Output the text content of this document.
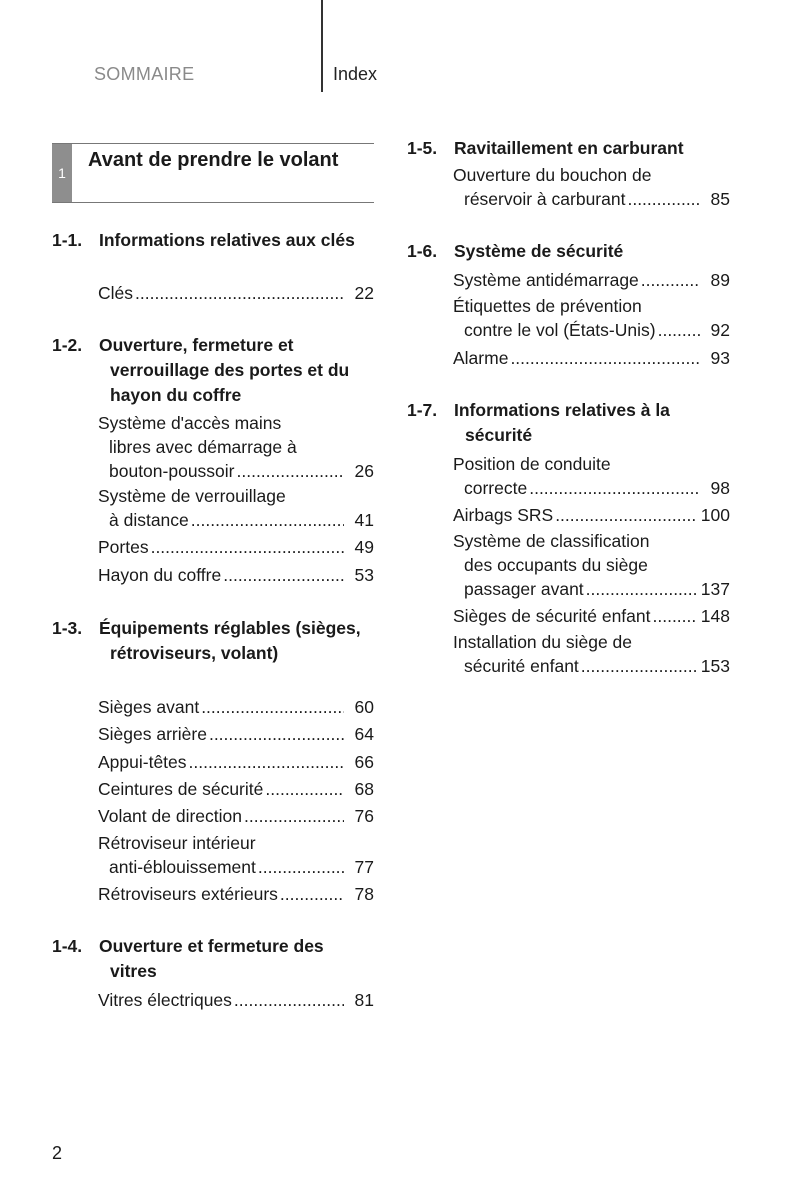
SOMMAIRE	Index
1
Avant de prendre le volant
1-1. Informations relatives aux clés
Clés .....	22
1-2. Ouverture, fermeture et verrouillage des portes et du hayon du coffre
Système d'accès mains
libres avec démarrage à
bouton-poussoir .....	26
Système de verrouillage
à distance .....	41
Portes .....	49
Hayon du coffre .....	53
1-3. Équipements réglables (sièges, rétroviseurs, volant)
Sièges avant .....	60
Sièges arrière .....	64
Appui-têtes .....	66
Ceintures de sécurité .....	68
Volant de direction .....	76
Rétroviseur intérieur
anti-éblouissement .....	77
Rétroviseurs extérieurs .....	78
1-4. Ouverture et fermeture des vitres
Vitres électriques .....	81
1-5. Ravitaillement en carburant
Ouverture du bouchon de
réservoir à carburant .....	85
1-6. Système de sécurité
Système antidémarrage .....	89
Étiquettes de prévention
contre le vol (États-Unis) .....	92
Alarme .....	93
1-7. Informations relatives à la sécurité
Position de conduite
correcte .....	98
Airbags SRS .....	100
Système de classification
des occupants du siège
passager avant .....	137
Sièges de sécurité enfant .....	148
Installation du siège de
sécurité enfant .....	153
2
